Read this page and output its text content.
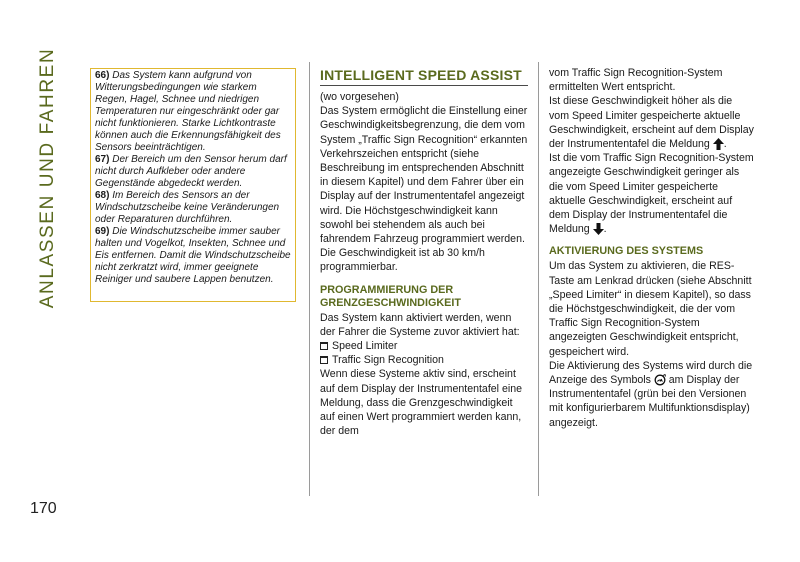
ANLASSEN UND FAHREN
170

66) Das System kann aufgrund von Witterungsbedingungen wie starkem Regen, Hagel, Schnee und niedrigen Temperaturen nur eingeschränkt oder gar nicht funktionieren. Starke Lichtkontraste können auch die Erkennungsfähigkeit des Sensors beeinträchtigen.

67) Der Bereich um den Sensor herum darf nicht durch Aufkleber oder andere Gegenstände abgedeckt werden.

68) Im Bereich des Sensors an der Windschutzscheibe keine Veränderungen oder Reparaturen durchführen.

69) Die Windschutzscheibe immer sauber halten und Vogelkot, Insekten, Schnee und Eis entfernen. Damit die Windschutzscheibe nicht zerkratzt wird, immer geeignete Reiniger und saubere Lappen benutzen.

INTELLIGENT SPEED ASSIST

(wo vorgesehen)

Das System ermöglicht die Einstellung einer Geschwindigkeitsbegrenzung, die dem vom System „Traffic Sign Recognition“ erkannten Verkehrszeichen entspricht (siehe Beschreibung im entsprechenden Abschnitt in diesem Kapitel) und dem Fahrer über ein Display auf der Instrumententafel angezeigt wird. Die Höchstgeschwindigkeit kann sowohl bei stehendem als auch bei fahrendem Fahrzeug programmiert werden.

Die Geschwindigkeit ist ab 30 km/h programmierbar.

PROGRAMMIERUNG DER GRENZGESCHWINDIGKEIT

Das System kann aktiviert werden, wenn der Fahrer die Systeme zuvor aktiviert hat:

Speed Limiter
Traffic Sign Recognition

Wenn diese Systeme aktiv sind, erscheint auf dem Display der Instrumententafel eine Meldung, dass die Grenzgeschwindigkeit auf einen Wert programmiert werden kann, der dem

vom Traffic Sign Recognition-System ermittelten Wert entspricht.

Ist diese Geschwindigkeit höher als die vom Speed Limiter gespeicherte aktuelle Geschwindigkeit, erscheint auf dem Display der Instrumententafel die Meldung .

Ist die vom Traffic Sign Recognition-System angezeigte Geschwindigkeit geringer als die vom Speed Limiter gespeicherte aktuelle Geschwindigkeit, erscheint auf dem Display der Instrumententafel die Meldung .

AKTIVIERUNG DES SYSTEMS

Um das System zu aktivieren, die RES-Taste am Lenkrad drücken (siehe Abschnitt „Speed Limiter“ in diesem Kapitel), so dass die Höchstgeschwindigkeit, die der vom Traffic Sign Recognition-System angezeigten Geschwindigkeit entspricht, gespeichert wird.

Die Aktivierung des Systems wird durch die Anzeige des Symbols am Display der Instrumententafel (grün bei den Versionen mit konfigurierbarem Multifunktionsdisplay) angezeigt.
